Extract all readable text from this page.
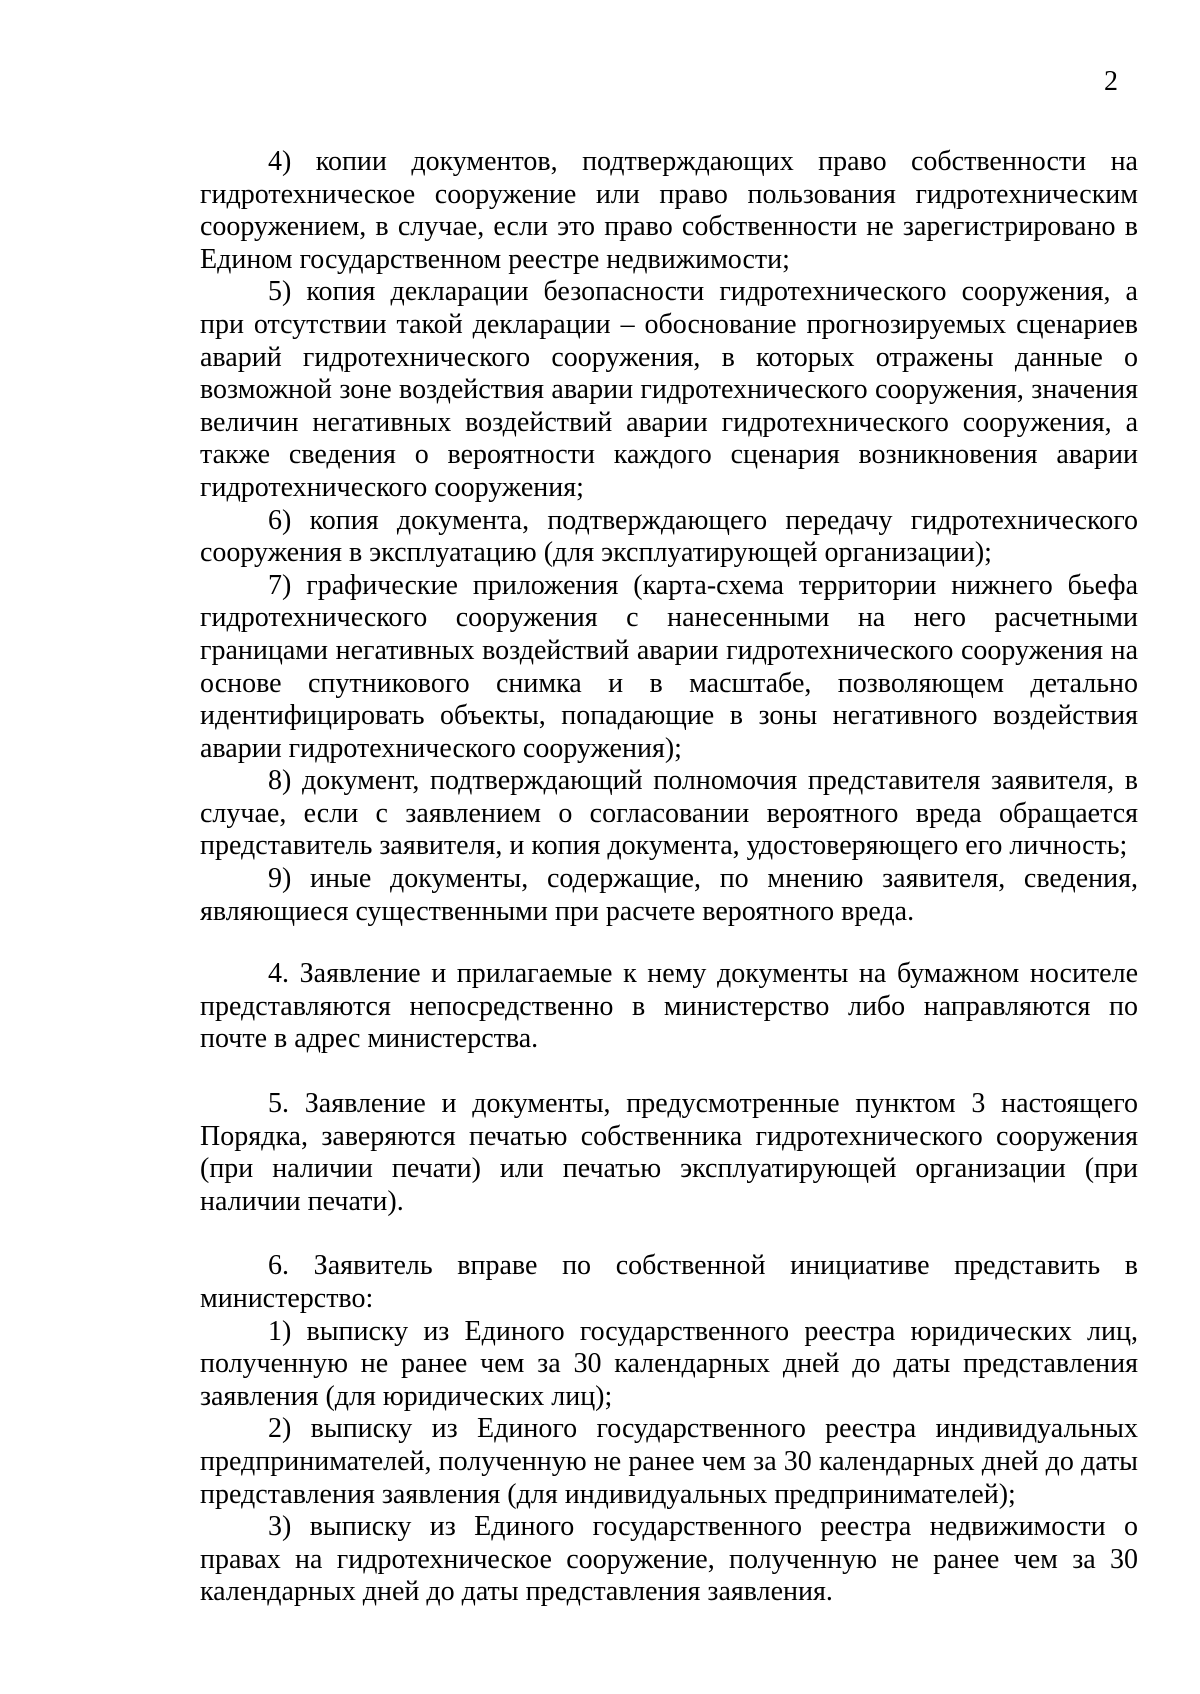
2

4) копии документов, подтверждающих право собственности на гидротехническое сооружение или право пользования гидротехническим сооружением, в случае, если это право собственности не зарегистрировано в Едином государственном реестре недвижимости;

5) копия декларации безопасности гидротехнического сооружения, а при отсутствии такой декларации – обоснование прогнозируемых сценариев аварий гидротехнического сооружения, в которых отражены данные о возможной зоне воздействия аварии гидротехнического сооружения, значения величин негативных воздействий аварии гидротехнического сооружения, а также сведения о вероятности каждого сценария возникновения аварии гидротехнического сооружения;

6) копия документа, подтверждающего передачу гидротехнического сооружения в эксплуатацию (для эксплуатирующей организации);

7) графические приложения (карта-схема территории нижнего бьефа гидротехнического сооружения с нанесенными на него расчетными границами негативных воздействий аварии гидротехнического сооружения на основе спутникового снимка и в масштабе, позволяющем детально идентифицировать объекты, попадающие в зоны негативного воздействия аварии гидротехнического сооружения);

8) документ, подтверждающий полномочия представителя заявителя, в случае, если с заявлением о согласовании вероятного вреда обращается представитель заявителя, и копия документа, удостоверяющего его личность;

9) иные документы, содержащие, по мнению заявителя, сведения, являющиеся существенными при расчете вероятного вреда.

4. Заявление и прилагаемые к нему документы на бумажном носителе представляются непосредственно в министерство либо направляются по почте в адрес министерства.

5. Заявление и документы, предусмотренные пунктом 3 настоящего Порядка, заверяются печатью собственника гидротехнического сооружения (при наличии печати) или печатью эксплуатирующей организации (при наличии печати).

6. Заявитель вправе по собственной инициативе представить в министерство:

1) выписку из Единого государственного реестра юридических лиц, полученную не ранее чем за 30 календарных дней до даты представления заявления (для юридических лиц);

2) выписку из Единого государственного реестра индивидуальных предпринимателей, полученную не ранее чем за 30 календарных дней до даты представления заявления (для индивидуальных предпринимателей);

3) выписку из Единого государственного реестра недвижимости о правах на гидротехническое сооружение, полученную не ранее чем за 30 календарных дней до даты представления заявления.
